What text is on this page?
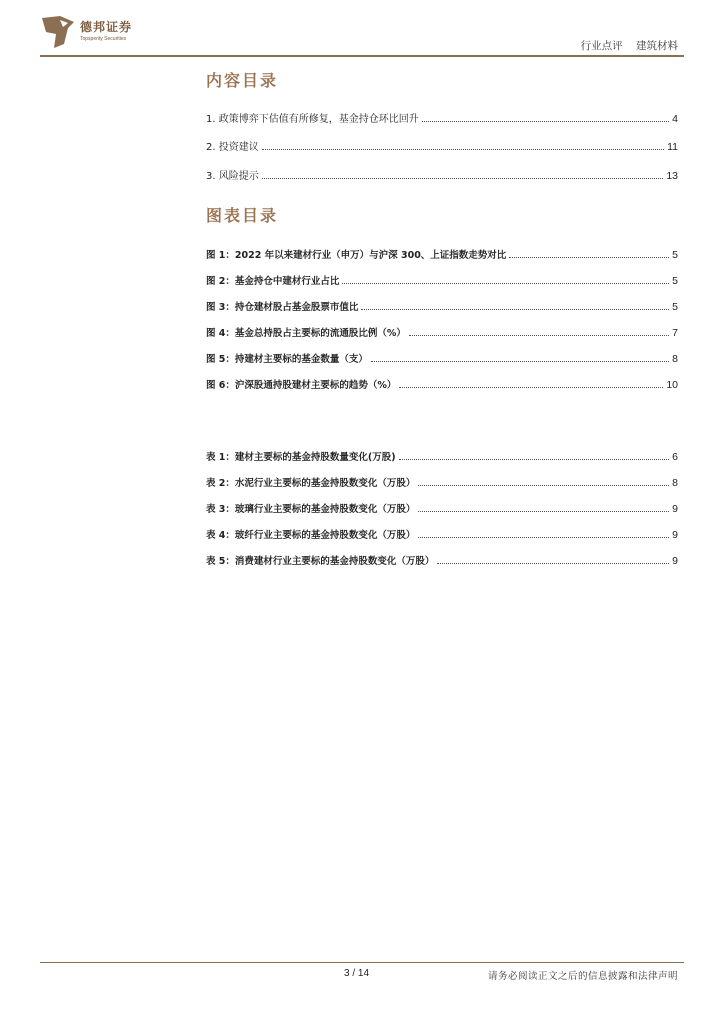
德邦证券
Topsperity Securities
行业点评 建筑材料
内容目录
1. 政策博弈下估值有所修复，基金持仓环比回升	4
2. 投资建议	11
3. 风险提示	13
图表目录
图 1：2022 年以来建材行业（申万）与沪深 300、上证指数走势对比	5
图 2：基金持仓中建材行业占比	5
图 3：持仓建材股占基金股票市值比	5
图 4：基金总持股占主要标的流通股比例（%）	7
图 5：持建材主要标的基金数量（支）	8
图 6：沪深股通持股建材主要标的趋势（%）	10
表 1：建材主要标的基金持股数量变化(万股)	6
表 2：水泥行业主要标的基金持股数变化（万股）	8
表 3：玻璃行业主要标的基金持股数变化（万股）	9
表 4：玻纤行业主要标的基金持股数变化（万股）	9
表 5：消费建材行业主要标的基金持股数变化（万股）	9
3 / 14	请务必阅读正文之后的信息披露和法律声明
